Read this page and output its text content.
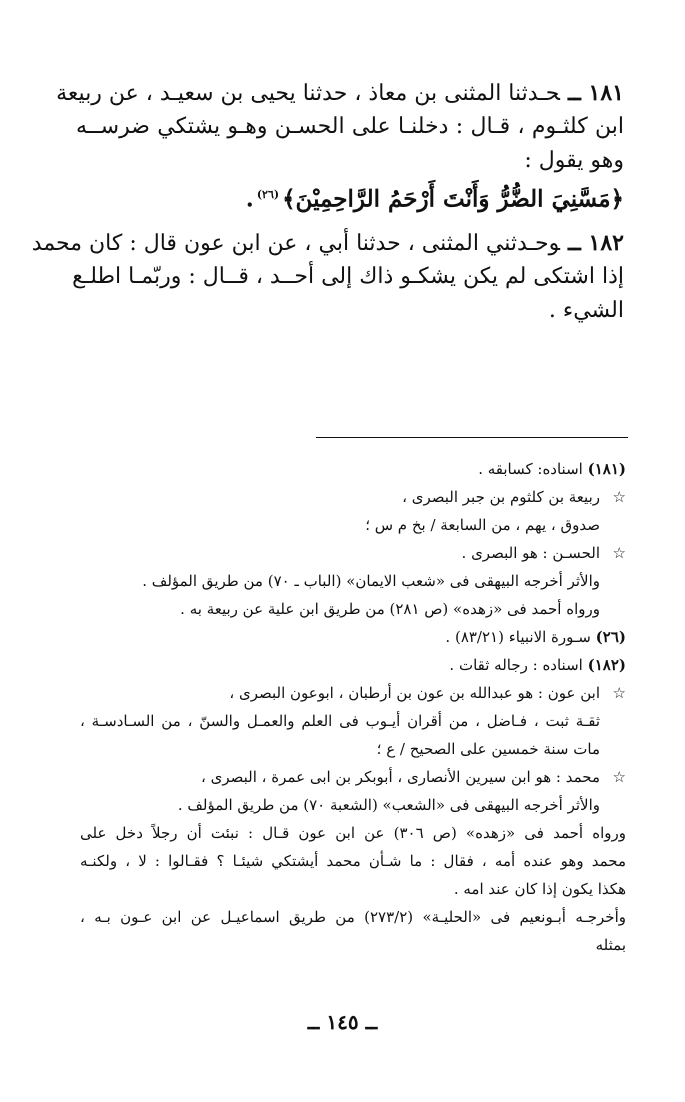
١٨١ ــحـدثنا المثنى بن معاذ ، حدثنا يحيى بن سعيـد ، عن ربيعة
ابن كلثـوم ، قـال : دخلنـا على الحسـن وهـو يشتكي ضرســه
وهو يقول :
﴿مَسَّنِيَ الضُّرُّ وَأَنْتَ أَرْحَمُ الرَّاحِمِيْنَ﴾$^{(٢٦)}$.
١٨٢ ــوحـدثني المثنى ، حدثنا أبي ، عن ابن عون قال : كان محمد
إذا اشتكى لم يكن يشكـو ذاك إلى أحــد ، قــال : وربّمـا اطلـع
الشيء .
(١٨١) اسناده: كسابقه .
☆ربيعة بن كلثوم بن جبر البصرى ،
صدوق ، يهم ، من السابعة / بخ م س ؛
☆الحسـن : هو البصرى .
والأثر أخرجه البيهقى فى «شعب الايمان» (الباب ـ ٧٠) من طريق المؤلف .
ورواه أحمد فى «زهده» (ص ٢٨١) من طريق ابن علية عن ربيعة به .
(٢٦) سـورة الانبياء (٨٣/٢١) .
(١٨٢) اسناده : رجاله ثقات .
☆ابن عون : هو عبدالله بن عون بن أرطبان ، ابوعون البصرى ،
ثقـة ثبت ، فـاضل ، من أقران أيـوب فى العلم والعمـل والسنّ ، من السـادسـة ،
مات سنة خمسين على الصحيح / ع ؛
☆محمد : هو ابن سيرين الأنصارى ، أبوبكر بن ابى عمرة ، البصرى ،
والأثر أخرجه البيهقى فى «الشعب» (الشعبة ٧٠) من طريق المؤلف .
ورواه أحمد فى «زهده» (ص ٣٠٦) عن ابن عون قـال : نبئت أن رجلاً دخل على
محمد وهو عنده أمه ، فقال : ما شـأن محمد أيشتكي شيئـا ؟ فقـالوا : لا ، ولكنـه
هكذا يكون إذا كان عند امه .
وأخرجـه أبـونعيم فى «الحليـة» (٢٧٣/٢) من طريق اسماعيـل عن ابن عـون بـه ،
بمثله
ــ ١٤٥ ــ
